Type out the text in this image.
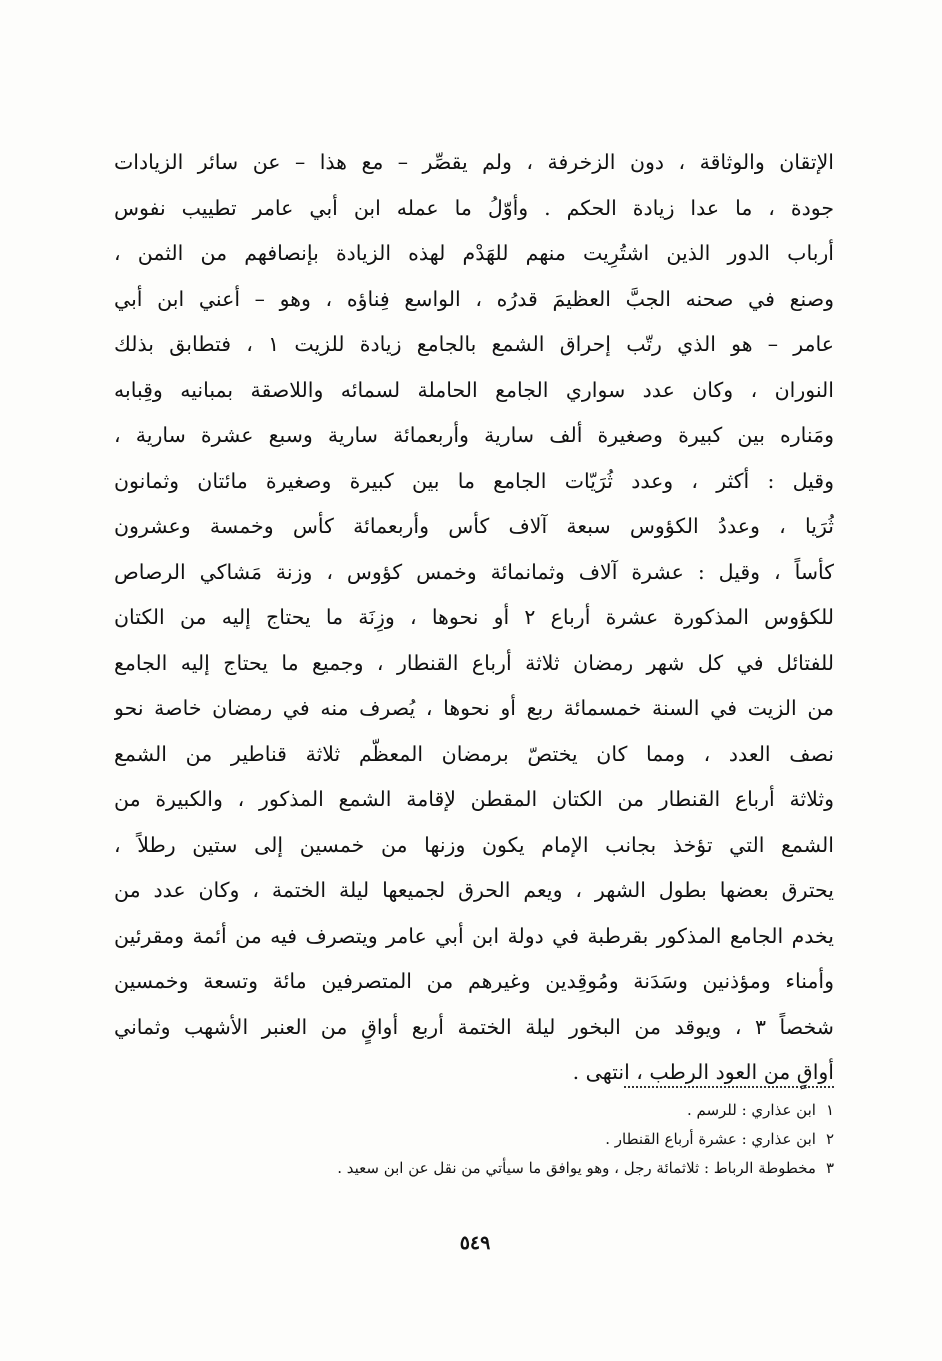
الإتقان والوثاقة ، دون الزخرفة ، ولم يقصِّر – مع هذا – عن سائر الزيادات
جودة ، ما عدا زيادة الحكم . وأوّلُ ما عمله ابن أبي عامر تطييب نفوس
أرباب الدور الذين اشتُرِيت منهم للهَدْم لهذه الزيادة بإنصافهم من الثمن ،
وصنع في صحنه الجبَّ العظيمَ قدرُه ، الواسع فِناؤه ، وهو – أعني ابن أبي
عامر – هو الذي رتّب إحراق الشمع بالجامع زيادة للزيت ١ ، فتطابق بذلك
النوران ، وكان عدد سواري الجامع الحاملة لسمائه واللاصقة بمبانيه وقِبابه
ومَناره بين كبيرة وصغيرة ألف سارية وأربعمائة سارية وسبع عشرة سارية ،
وقيل : أكثر ، وعدد ثُرَيّات الجامع ما بين كبيرة وصغيرة مائتان وثمانون
ثُرَيا ، وعددُ الكؤوس سبعة آلاف كأس وأربعمائة كأس وخمسة وعشرون
كأساً ، وقيل : عشرة آلاف وثمانمائة وخمس كؤوس ، وزنة مَشاكي الرصاص
للكؤوس المذكورة عشرة أرباع ٢ أو نحوها ، وزِنَة ما يحتاج إليه من الكتان
للفتائل في كل شهر رمضان ثلاثة أرباع القنطار ، وجميع ما يحتاج إليه الجامع
من الزيت في السنة خمسمائة ربع أو نحوها ، يُصرف منه في رمضان خاصة نحو
نصف العدد ، ومما كان يختصّ برمضان المعظّم ثلاثة قناطير من الشمع
وثلاثة أرباع القنطار من الكتان المقطن لإقامة الشمع المذكور ، والكبيرة من
الشمع التي تؤخذ بجانب الإمام يكون وزنها من خمسين إلى ستين رطلاً ،
يحترق بعضها بطول الشهر ، ويعم الحرق لجميعها ليلة الختمة ، وكان عدد من
يخدم الجامع المذكور بقرطبة في دولة ابن أبي عامر ويتصرف فيه من أئمة ومقرئين
وأمناء ومؤذنين وسَدَنة ومُوقِدين وغيرهم من المتصرفين مائة وتسعة وخمسين
شخصاً ٣ ، ويوقد من البخور ليلة الختمة أربع أواقٍ من العنبر الأشهب وثماني
أواقٍ من العود الرطب ، انتهى .
١ابن عذاري : للرسم .
٢ابن عذاري : عشرة أرباع القنطار .
٣مخطوطة الرباط : ثلاثمائة رجل ، وهو يوافق ما سيأتي من نقل عن ابن سعيد .
٥٤٩
